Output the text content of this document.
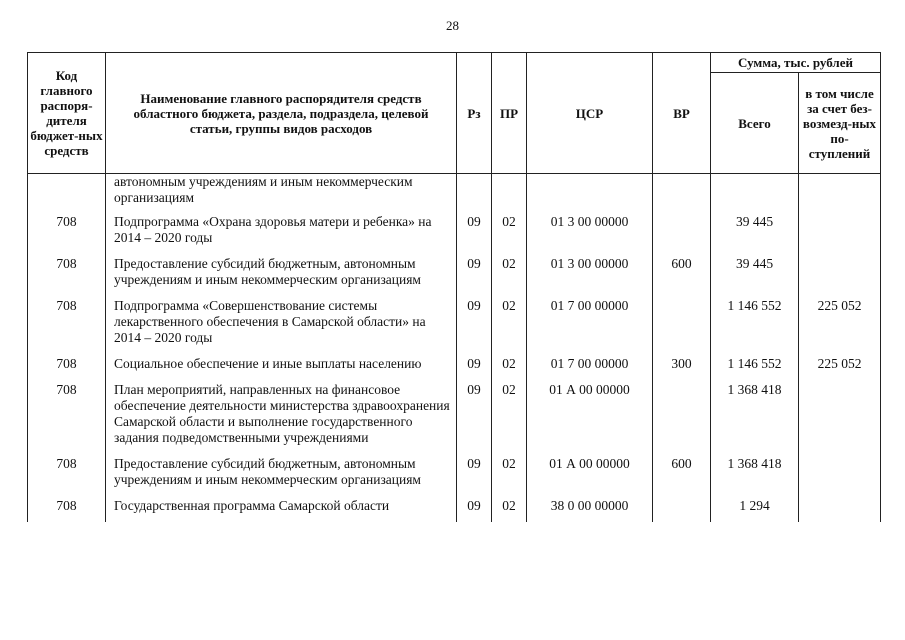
28
Код главного распоря-дителя бюджет-ных средств	Наименование главного распорядителя средств областного бюджета, раздела, подраздела, целевой статьи, группы видов расходов	Рз	ПР	ЦСР	ВР	Сумма, тыс. рублей	
						Всего	в том числе за счет без-возмезд-ных по-ступлений
	автономным учреждениям и иным некоммерческим организациям						
708	Подпрограмма «Охрана здоровья матери и ребенка» на 2014 – 2020 годы	09	02	01 3 00 00000		39 445	
708	Предоставление субсидий бюджетным, автономным учреждениям и иным некоммерческим организациям	09	02	01 3 00 00000	600	39 445	
708	Подпрограмма «Совершенствование системы лекарственного обеспечения в Самарской области» на 2014 – 2020 годы	09	02	01 7 00 00000		1 146 552	225 052
708	Социальное обеспечение и иные выплаты населению	09	02	01 7 00 00000	300	1 146 552	225 052
708	План мероприятий, направленных на финансовое обеспечение деятельности министерства здравоохранения Самарской области и выполнение государственного задания подведомственными учреждениями	09	02	01 А 00 00000		1 368 418	
708	Предоставление субсидий бюджетным, автономным учреждениям и иным некоммерческим организациям	09	02	01 А 00 00000	600	1 368 418	
708	Государственная программа Самарской области	09	02	38 0 00 00000		1 294	
